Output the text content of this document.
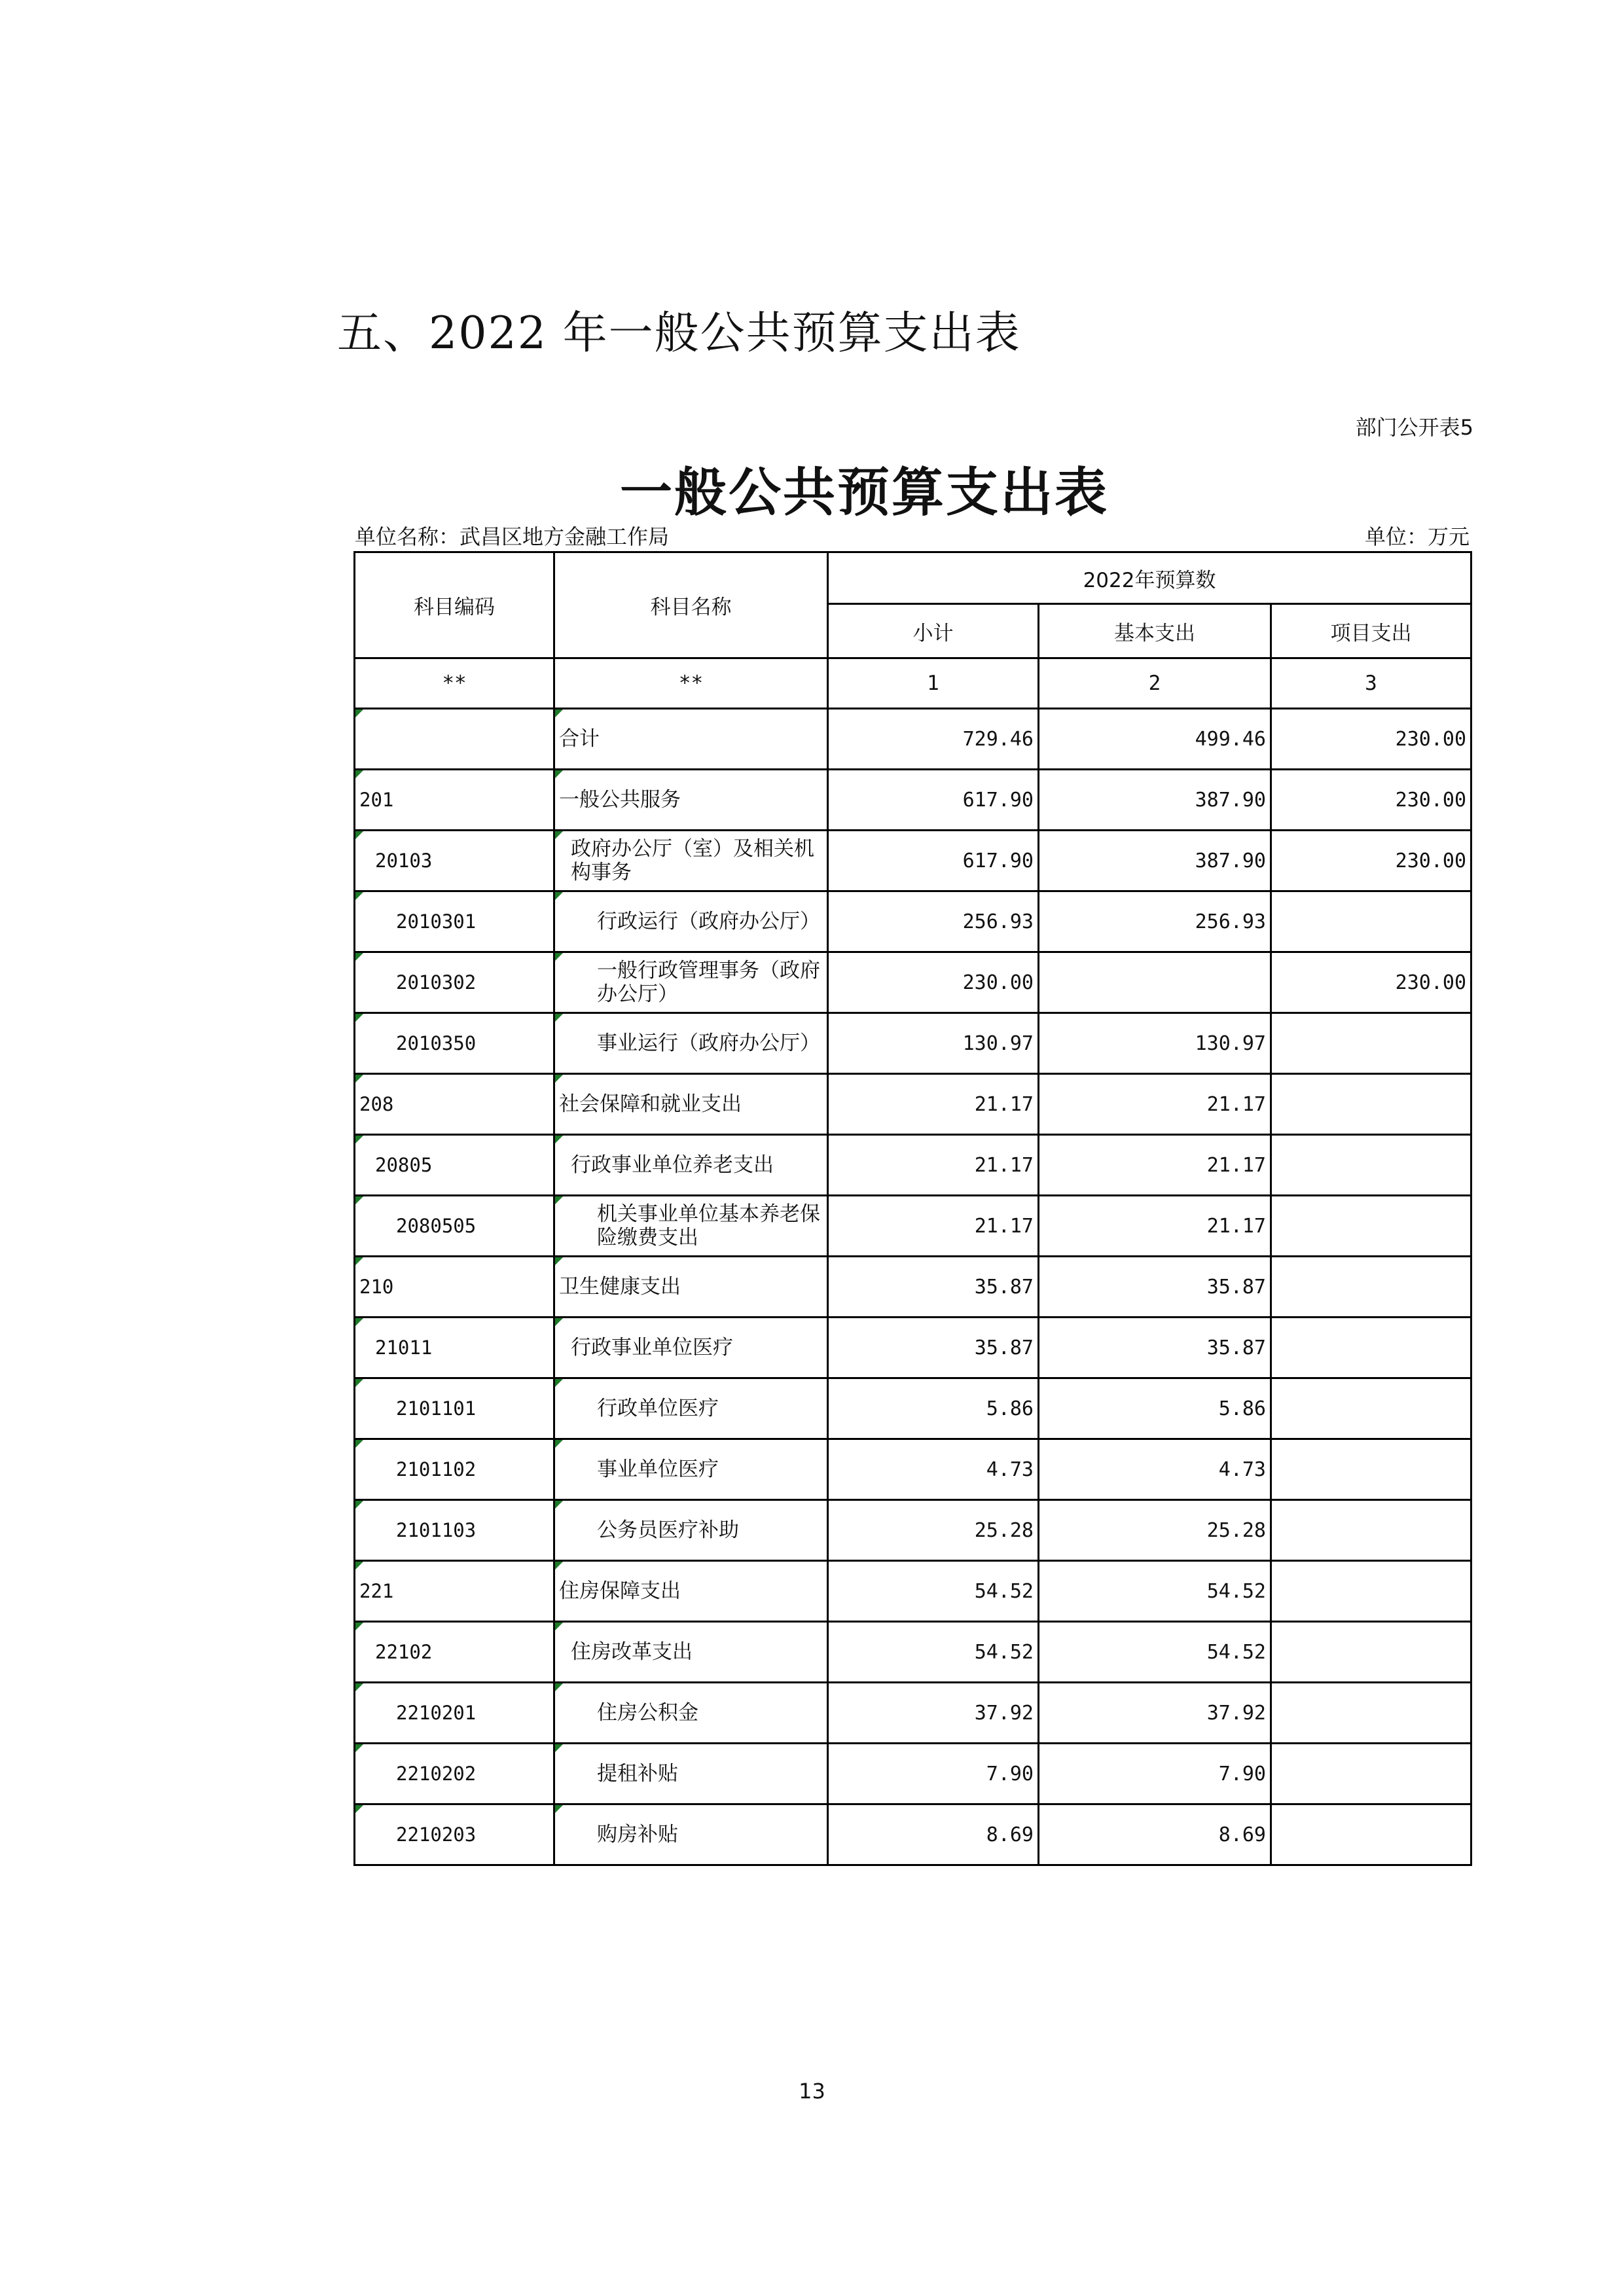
五、2022 年一般公共预算支出表
部门公开表5
一般公共预算支出表
单位名称：武昌区地方金融工作局	单位：万元
科目编码	科目名称	2022年预算数		
		小计	基本支出	项目支出
**	**	1	2	3
	合计	729.46	499.46	230.00
201	一般公共服务	617.90	387.90	230.00
20103	政府办公厅（室）及相关机构事务	617.90	387.90	230.00
2010301	行政运行（政府办公厅）	256.93	256.93	
2010302	一般行政管理事务（政府办公厅）	230.00		230.00
2010350	事业运行（政府办公厅）	130.97	130.97	
208	社会保障和就业支出	21.17	21.17	
20805	行政事业单位养老支出	21.17	21.17	
2080505	机关事业单位基本养老保险缴费支出	21.17	21.17	
210	卫生健康支出	35.87	35.87	
21011	行政事业单位医疗	35.87	35.87	
2101101	行政单位医疗	5.86	5.86	
2101102	事业单位医疗	4.73	4.73	
2101103	公务员医疗补助	25.28	25.28	
221	住房保障支出	54.52	54.52	
22102	住房改革支出	54.52	54.52	
2210201	住房公积金	37.92	37.92	
2210202	提租补贴	7.90	7.90	
2210203	购房补贴	8.69	8.69	
13
